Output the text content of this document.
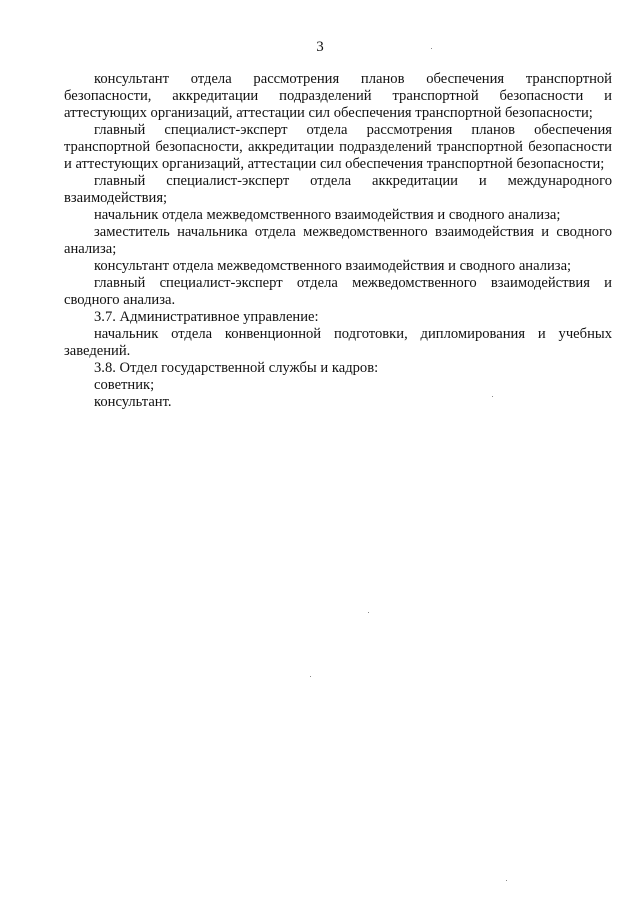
3

консультант отдела рассмотрения планов обеспечения транспортной безопасности, аккредитации подразделений транспортной безопасности и аттестующих организаций, аттестации сил обеспечения транспортной безопасности;

главный специалист-эксперт отдела рассмотрения планов обеспечения транспортной безопасности, аккредитации подразделений транспортной безопасности и аттестующих организаций, аттестации сил обеспечения транспортной безопасности;

главный специалист-эксперт отдела аккредитации и международного взаимодействия;

начальник отдела межведомственного взаимодействия и сводного анализа;

заместитель начальника отдела межведомственного взаимодействия и сводного анализа;

консультант отдела межведомственного взаимодействия и сводного анализа;

главный специалист-эксперт отдела межведомственного взаимодействия и сводного анализа.

3.7. Административное управление:

начальник отдела конвенционной подготовки, дипломирования и учебных заведений.

3.8. Отдел государственной службы и кадров:

советник;

консультант.
